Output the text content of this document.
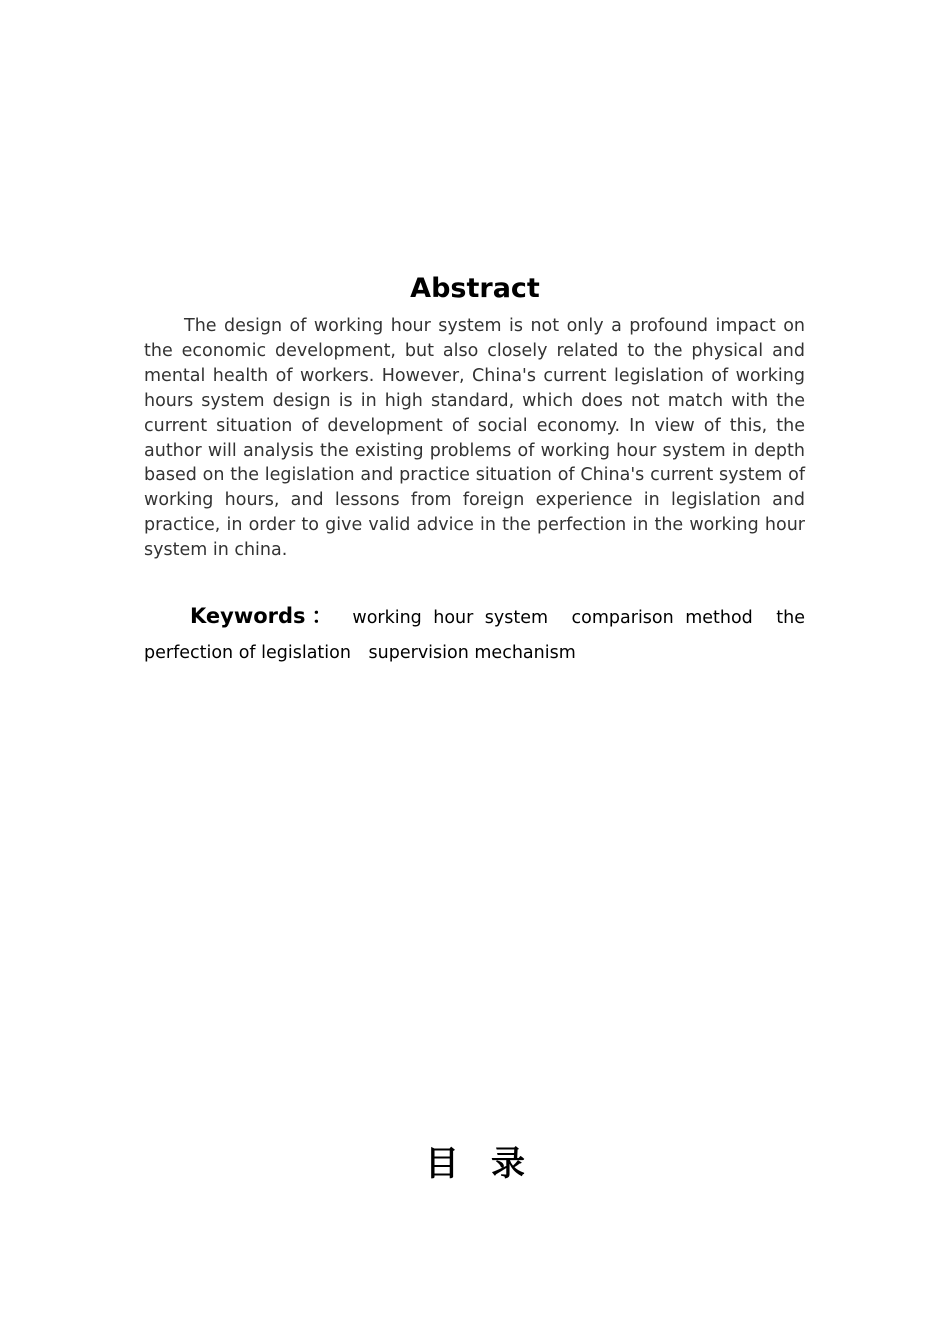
Abstract

The design of working hour system is not only a profound impact on the economic development, but also closely related to the physical and mental health of workers. However, China's current legislation of working hours system design is in high standard, which does not match with the current situation of development of social economy. In view of this, the author will analysis the existing problems of working hour system in depth based on the legislation and practice situation of China's current system of working hours, and lessons from foreign experience in legislation and practice, in order to give valid advice in the perfection in the working hour system in china.

Keywords： working hour system comparison method the perfection of legislation supervision mechanism

目录
